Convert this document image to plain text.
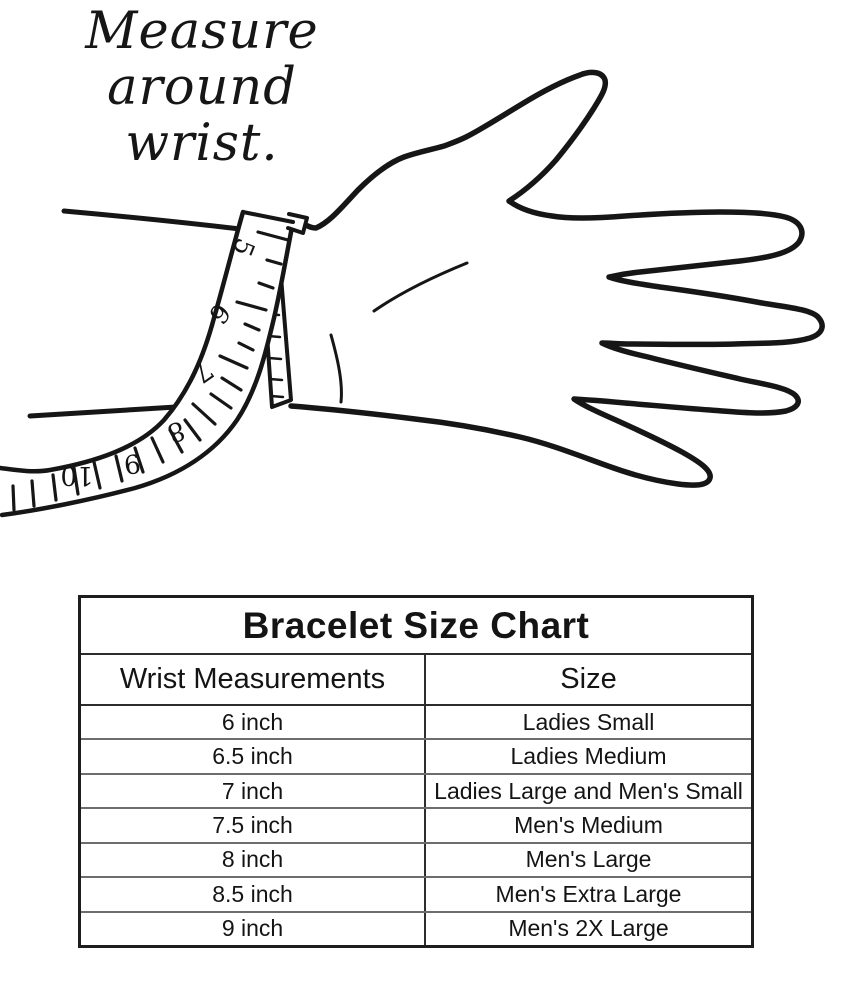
Measure
around
wrist.
5
6
7
8
9
10
Bracelet Size Chart
Wrist Measurements	Size
6 inch	Ladies Small
6.5 inch	Ladies Medium
7 inch	Ladies Large and Men's Small
7.5 inch	Men's Medium
8 inch	Men's Large
8.5 inch	Men's Extra Large
9 inch	Men's 2X Large
